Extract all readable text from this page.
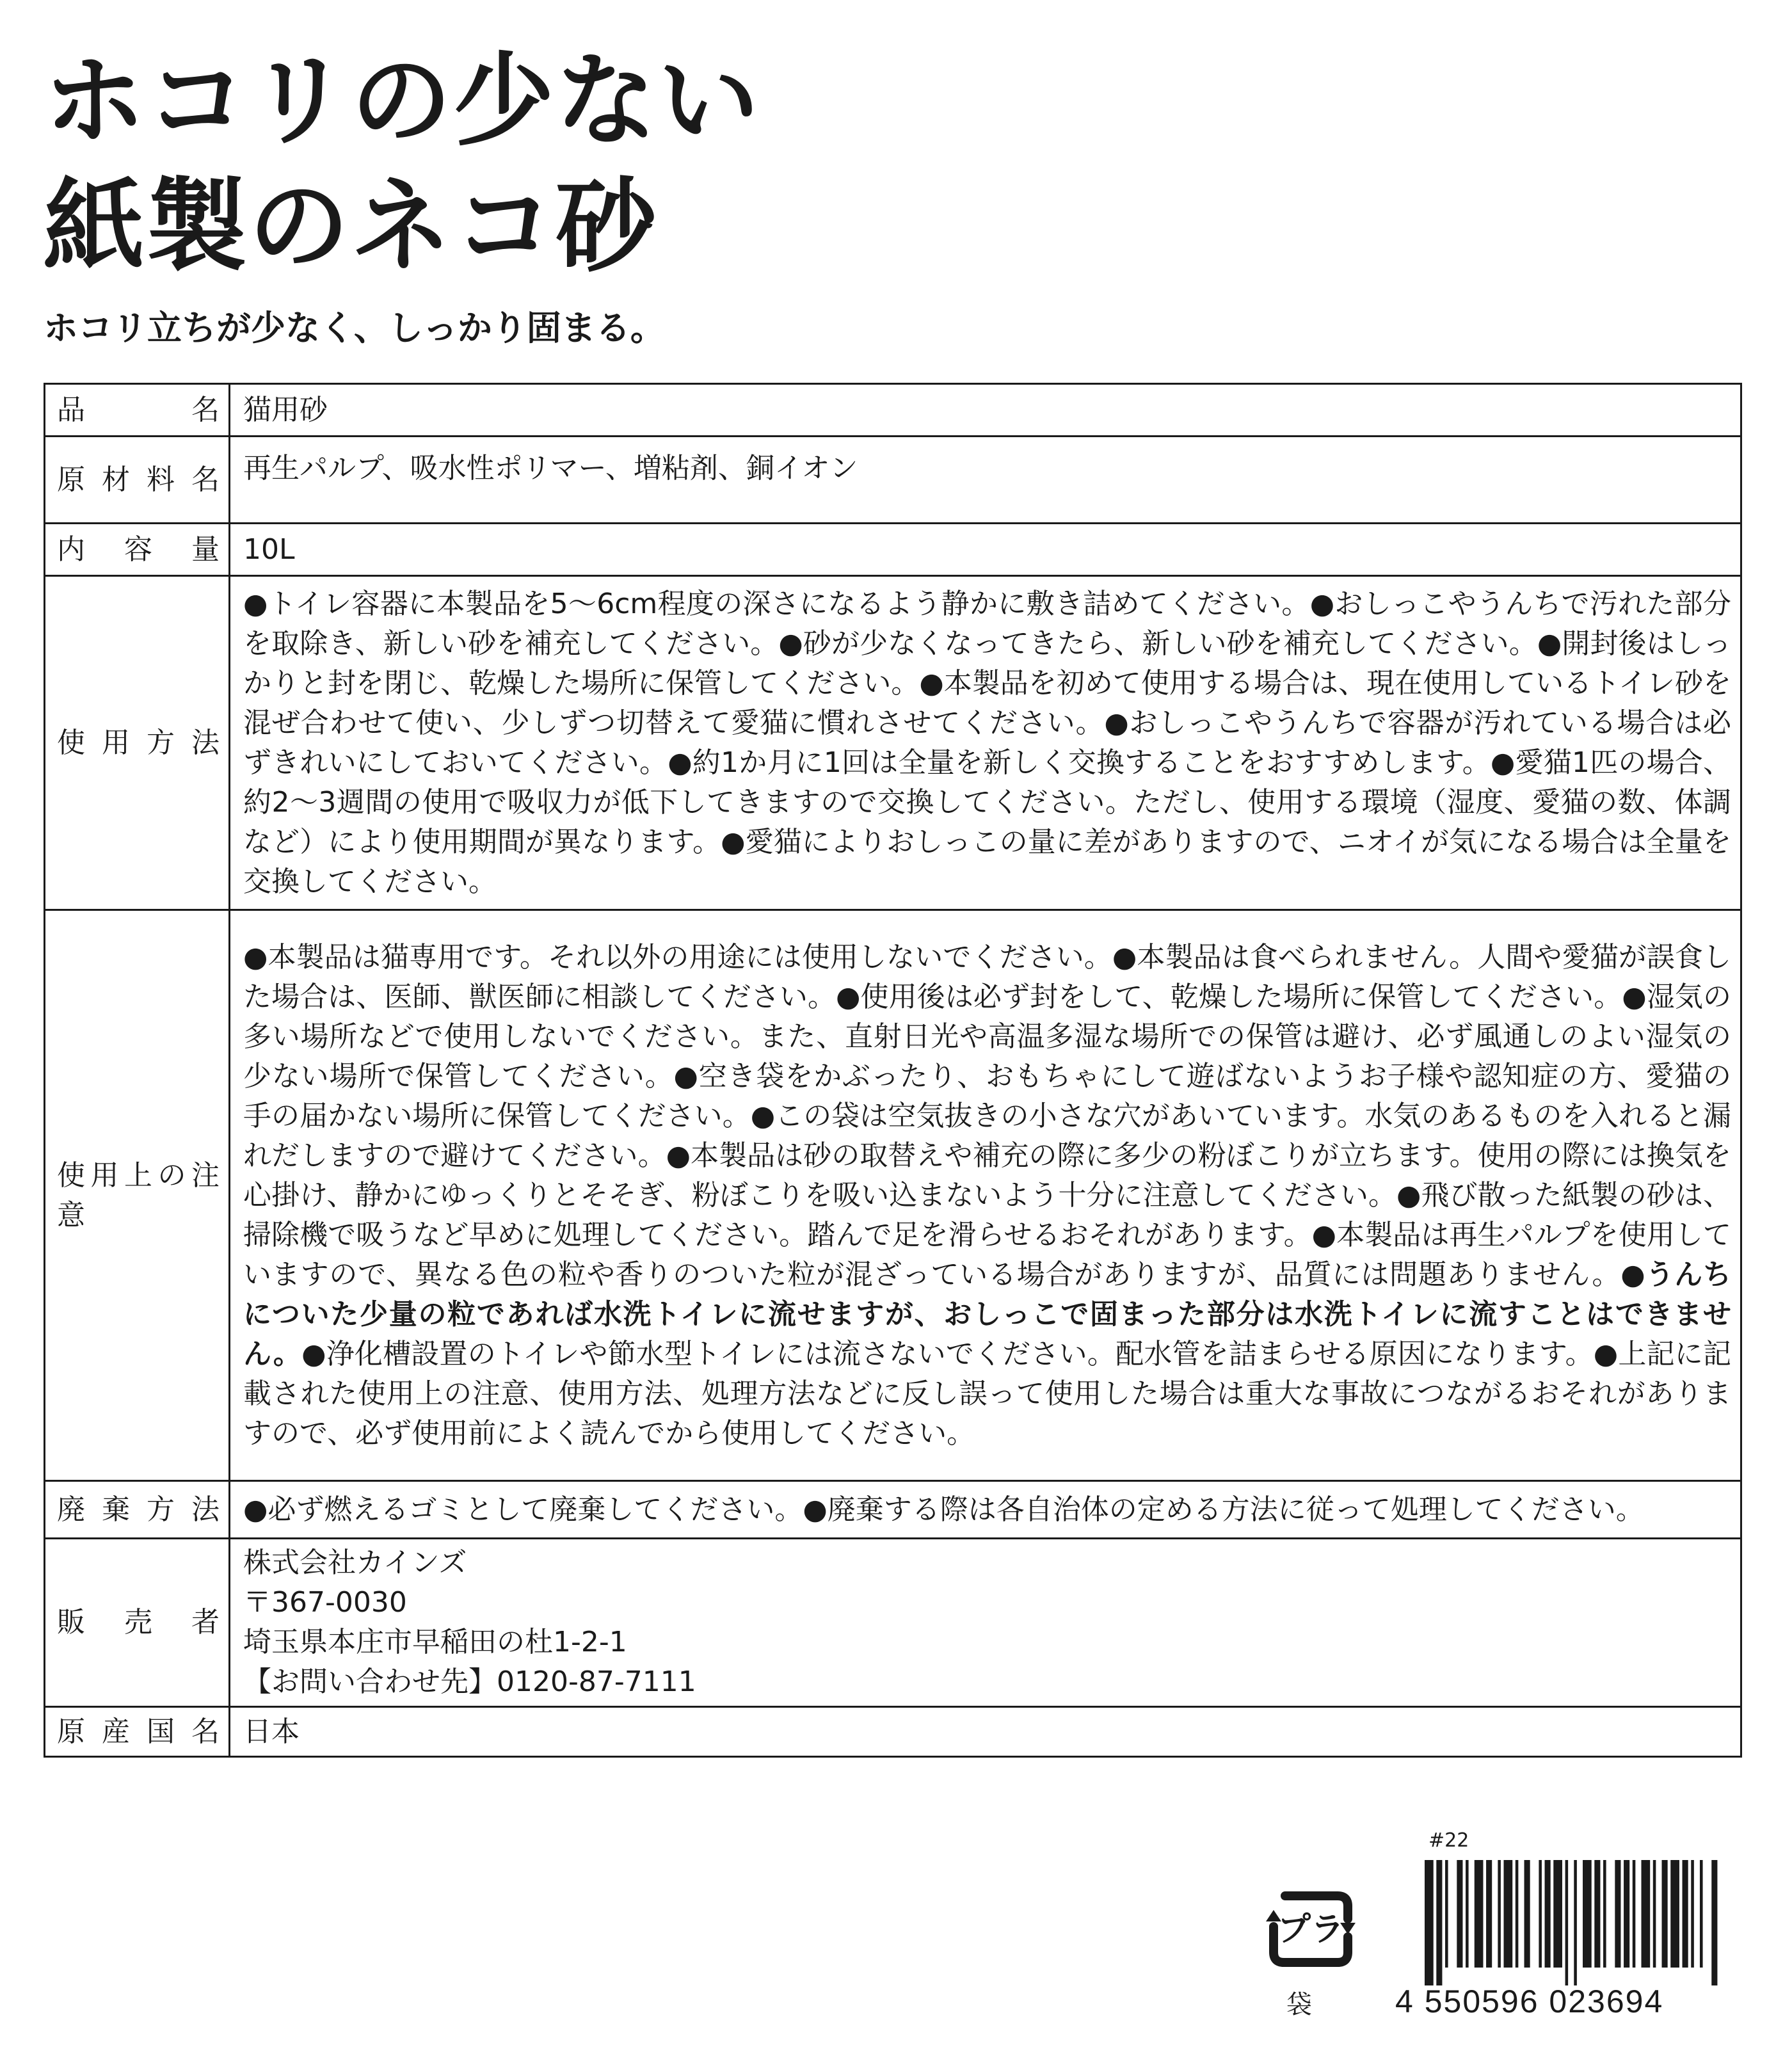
ホコリの少ない
紙製のネコ砂

ホコリ立ちが少なく、しっかり固まる。

品名	猫用砂
原材料名	再生パルプ、吸水性ポリマー、増粘剤、銅イオン
内容量	10L
使用方法	●トイレ容器に本製品を5～6cm程度の深さになるよう静かに敷き詰めてください。●おしっこやうんちで汚れた部分を取除き、新しい砂を補充してください。●砂が少なくなってきたら、新しい砂を補充してください。●開封後はしっかりと封を閉じ、乾燥した場所に保管してください。●本製品を初めて使用する場合は、現在使用しているトイレ砂を混ぜ合わせて使い、少しずつ切替えて愛猫に慣れさせてください。●おしっこやうんちで容器が汚れている場合は必ずきれいにしておいてください。●約1か月に1回は全量を新しく交換することをおすすめします。●愛猫1匹の場合、約2～3週間の使用で吸収力が低下してきますので交換してください。ただし、使用する環境（湿度、愛猫の数、体調など）により使用期間が異なります。●愛猫によりおしっこの量に差がありますので、ニオイが気になる場合は全量を交換してください。
使用上の注意	●本製品は猫専用です。それ以外の用途には使用しないでください。●本製品は食べられません。人間や愛猫が誤食した場合は、医師、獣医師に相談してください。●使用後は必ず封をして、乾燥した場所に保管してください。●湿気の多い場所などで使用しないでください。また、直射日光や高温多湿な場所での保管は避け、必ず風通しのよい湿気の少ない場所で保管してください。●空き袋をかぶったり、おもちゃにして遊ばないようお子様や認知症の方、愛猫の手の届かない場所に保管してください。●この袋は空気抜きの小さな穴があいています。水気のあるものを入れると漏れだしますので避けてください。●本製品は砂の取替えや補充の際に多少の粉ぼこりが立ちます。使用の際には換気を心掛け、静かにゆっくりとそそぎ、粉ぼこりを吸い込まないよう十分に注意してください。●飛び散った紙製の砂は、掃除機で吸うなど早めに処理してください。踏んで足を滑らせるおそれがあります。●本製品は再生パルプを使用していますので、異なる色の粒や香りのついた粒が混ざっている場合がありますが、品質には問題ありません。●うんちについた少量の粒であれば水洗トイレに流せますが、おしっこで固まった部分は水洗トイレに流すことはできません。●浄化槽設置のトイレや節水型トイレには流さないでください。配水管を詰まらせる原因になります。●上記に記載された使用上の注意、使用方法、処理方法などに反し誤って使用した場合は重大な事故につながるおそれがありますので、必ず使用前によく読んでから使用してください。
廃棄方法	●必ず燃えるゴミとして廃棄してください。●廃棄する際は各自治体の定める方法に従って処理してください。
販売者	株式会社カインズ
〒367-0030
埼玉県本庄市早稲田の杜1-2-1
【お問い合わせ先】0120-87-7111

原産国名	日本
プラ
袋
#22
4 550596 023694
